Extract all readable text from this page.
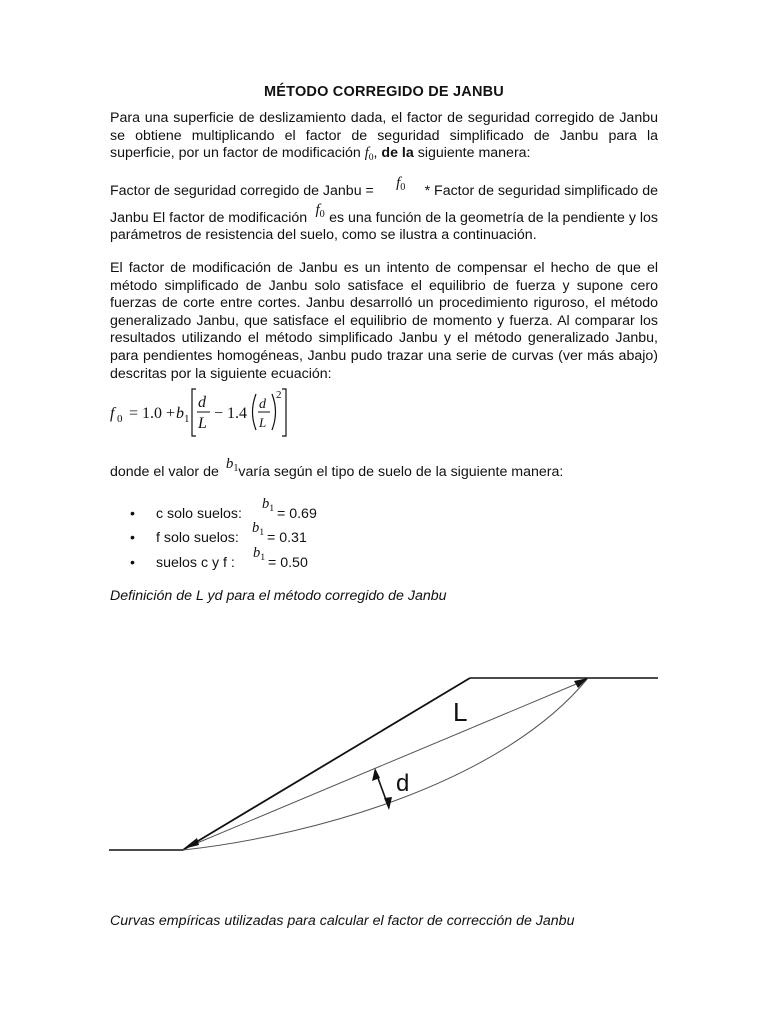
MÉTODO CORREGIDO DE JANBU
Para una superficie de deslizamiento dada, el factor de seguridad corregido de Janbu se obtiene multiplicando el factor de seguridad simplificado de Janbu para la superficie, por un factor de modificación $f_0$, de la siguiente manera:
Factor de seguridad corregido de Janbu = $f_0$ * Factor de seguridad simplificado de
Janbu El factor de modificación $f_0$ es una función de la geometría de la pendiente y los
parámetros de resistencia del suelo, como se ilustra a continuación.
El factor de modificación de Janbu es un intento de compensar el hecho de que el método simplificado de Janbu solo satisface el equilibrio de fuerza y supone cero fuerzas de corte entre cortes. Janbu desarrolló un procedimiento riguroso, el método generalizado Janbu, que satisface el equilibrio de momento y fuerza. Al comparar los resultados utilizando el método simplificado Janbu y el método generalizado Janbu, para pendientes homogéneas, Janbu pudo trazar una serie de curvas (ver más abajo) descritas por la siguiente ecuación:
f 0 = 1.0 + b 1
d
L
− 1.4
d
L
2
donde el valor de $b_1varía$ según el tipo de suelo de la siguiente manera:
• c solo suelos:
$b_1 = 0.69$
• f solo suelos:
$b_1 = 0.31$
• suelos c y f :
$b_1 = 0.50$
Definición de L yd para el método corregido de Janbu
L
d
Curvas empíricas utilizadas para calcular el factor de corrección de Janbu
